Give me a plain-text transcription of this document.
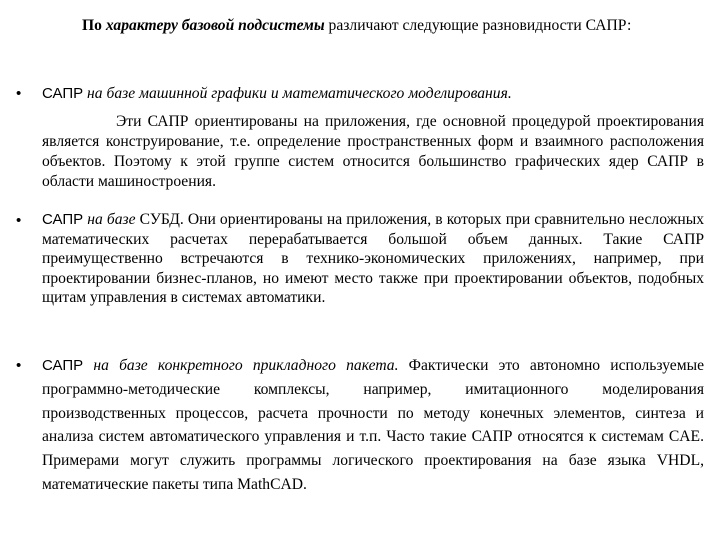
По характеру базовой подсистемы различают следующие разновидности САПР:
• САПР на базе машинной графики и математического моделирования.
Эти САПР ориентированы на приложения, где основной процедурой проектирования является конструирование, т.е. определение пространственных форм и взаимного расположения объектов. Поэтому к этой группе систем относится большинство графических ядер САПР в области машиностроения.
• САПР на базе СУБД. Они ориентированы на приложения, в которых при сравнительно несложных математических расчетах перерабатывается большой объем данных. Такие САПР преимущественно встречаются в технико-экономических приложениях, например, при проектировании бизнес-планов, но имеют место также при проектировании объектов, подобных щитам управления в системах автоматики.
• САПР на базе конкретного прикладного пакета. Фактически это автономно используемые программно-методические комплексы, например, имитационного моделирования производственных процессов, расчета прочности по методу конечных элементов, синтеза и анализа систем автоматического управления и т.п. Часто такие САПР относятся к системам CAE. Примерами могут служить программы логического проектирования на базе языка VHDL, математические пакеты типа MathCAD.
